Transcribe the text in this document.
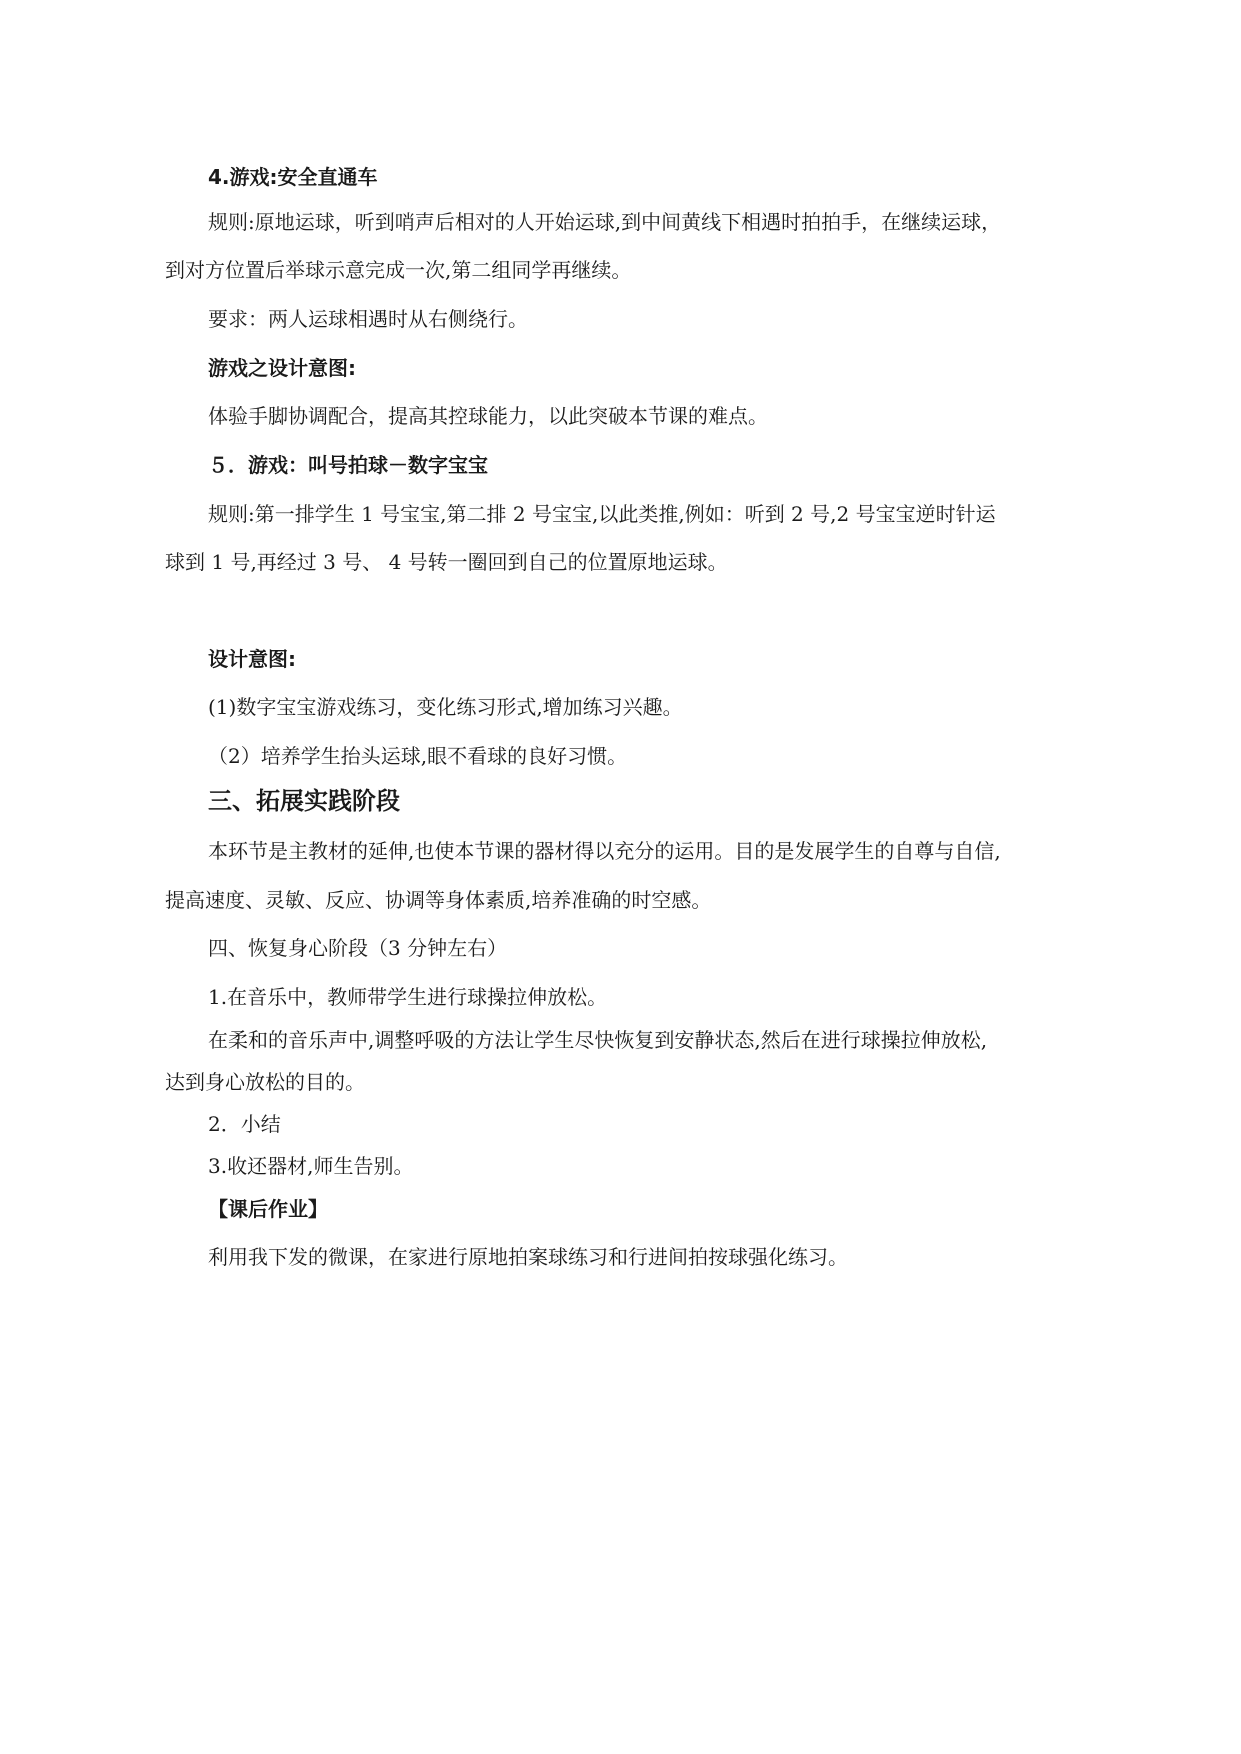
4.游戏:安全直通车
规则:原地运球，听到哨声后相对的人开始运球,到中间黄线下相遇时拍拍手，在继续运球，
到对方位置后举球示意完成一次,第二组同学再继续。
要求：两人运球相遇时从右侧绕行。
游戏之设计意图:
体验手脚协调配合，提高其控球能力，以此突破本节课的难点。
５．游戏：叫号拍球－数字宝宝
规则:第一排学生 1 号宝宝,第二排 2 号宝宝,以此类推,例如：听到 2 号,2 号宝宝逆时针运
球到 1 号,再经过 3 号、 4 号转一圈回到自己的位置原地运球。
设计意图:
(1)数字宝宝游戏练习，变化练习形式,增加练习兴趣。
（2）培养学生抬头运球,眼不看球的良好习惯。
三、拓展实践阶段
本环节是主教材的延伸,也使本节课的器材得以充分的运用。目的是发展学生的自尊与自信,
提高速度、灵敏、反应、协调等身体素质,培养准确的时空感。
四、恢复身心阶段（3 分钟左右）
1.在音乐中，教师带学生进行球操拉伸放松。
在柔和的音乐声中,调整呼吸的方法让学生尽快恢复到安静状态,然后在进行球操拉伸放松,
达到身心放松的目的。
2．小结
3.收还器材,师生告别。
【课后作业】
利用我下发的微课，在家进行原地拍案球练习和行进间拍按球强化练习。
